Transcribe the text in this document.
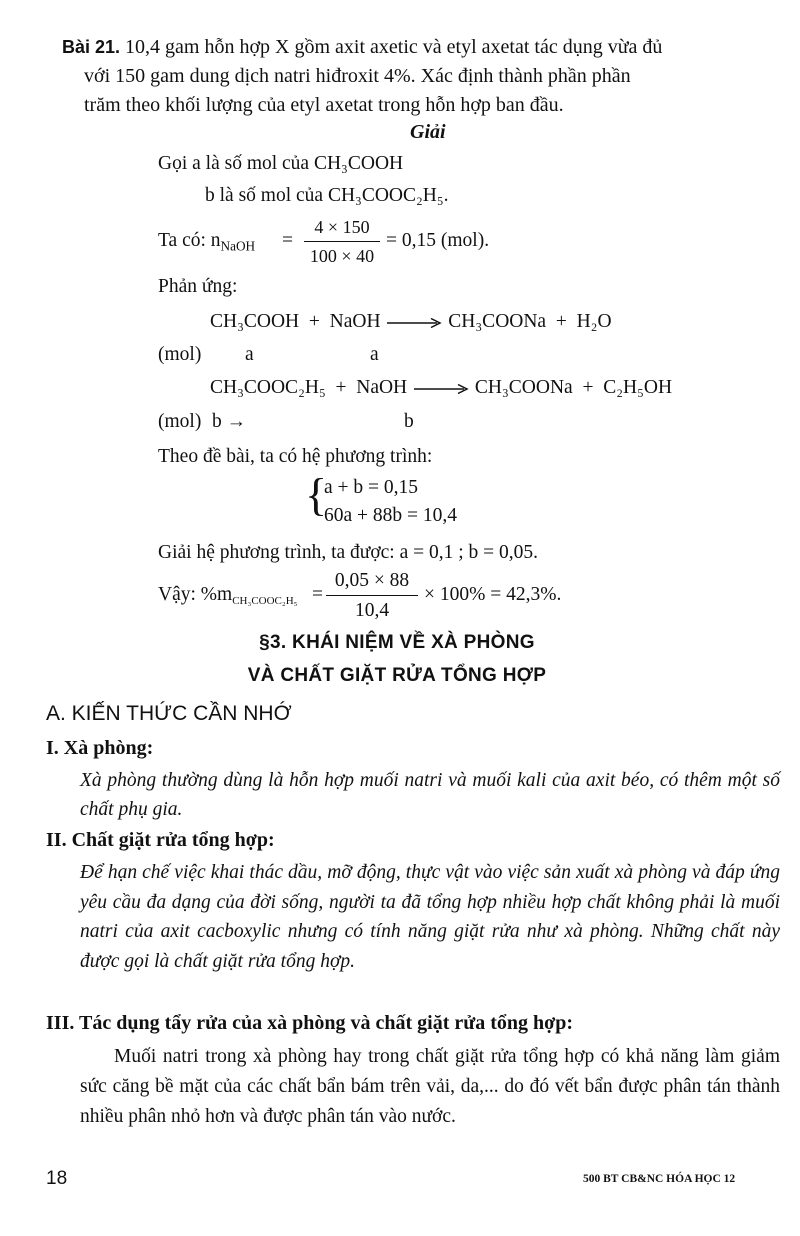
Bài 21. 10,4 gam hỗn hợp X gồm axit axetic và etyl axetat tác dụng vừa đủ
với 150 gam dung dịch natri hiđroxit 4%. Xác định thành phần phần
trăm theo khối lượng của etyl axetat trong hỗn hợp ban đầu.
Giải
Gọi a là số mol của CH₃COOH
b là số mol của CH₃COOC₂H₅.
Ta có: $n_{NaOH}$ =
4 × 150
100 × 40
= 0,15 (mol).
Phản ứng:
CH₃COOH  +  NaOH → CH₃COONa  +  H₂O
(mol) a	a
CH₃COOC₂H₅  +  NaOH → CH₃COONa  +  C₂H₅OH
(mol) b →	b
Theo đề bài, ta có hệ phương trình:
{
a + b = 0,15
60a + 88b = 10,4
Giải hệ phương trình, ta được: a = 0,1 ; b = 0,05.
Vậy: $\%m_{CH_3COOC_2H_5}$ =
0,05 × 88
10,4
× 100% = 42,3%.
§3. KHÁI NIỆM VỀ XÀ PHÒNG
VÀ CHẤT GIẶT RỬA TỔNG HỢP
A. KIẾN THỨC CẦN NHỚ
I. Xà phòng:
Xà phòng thường dùng là hỗn hợp muối natri và muối kali của axit béo, có thêm một số chất phụ gia.
II. Chất giặt rửa tổng hợp:
Để hạn chế việc khai thác dầu, mỡ động, thực vật vào việc sản xuất xà phòng và đáp ứng yêu cầu đa dạng của đời sống, người ta đã tổng hợp nhiều hợp chất không phải là muối natri của axit cacboxylic nhưng có tính năng giặt rửa như xà phòng. Những chất này được gọi là chất giặt rửa tổng hợp.
III. Tác dụng tẩy rửa của xà phòng và chất giặt rửa tổng hợp:
Muối natri trong xà phòng hay trong chất giặt rửa tổng hợp có khả năng làm giảm sức căng bề mặt của các chất bẩn bám trên vải, da,... do đó vết bẩn được phân tán thành nhiều phân nhỏ hơn và được phân tán vào nước.
18	500 BT CB&NC HÓA HỌC 12
